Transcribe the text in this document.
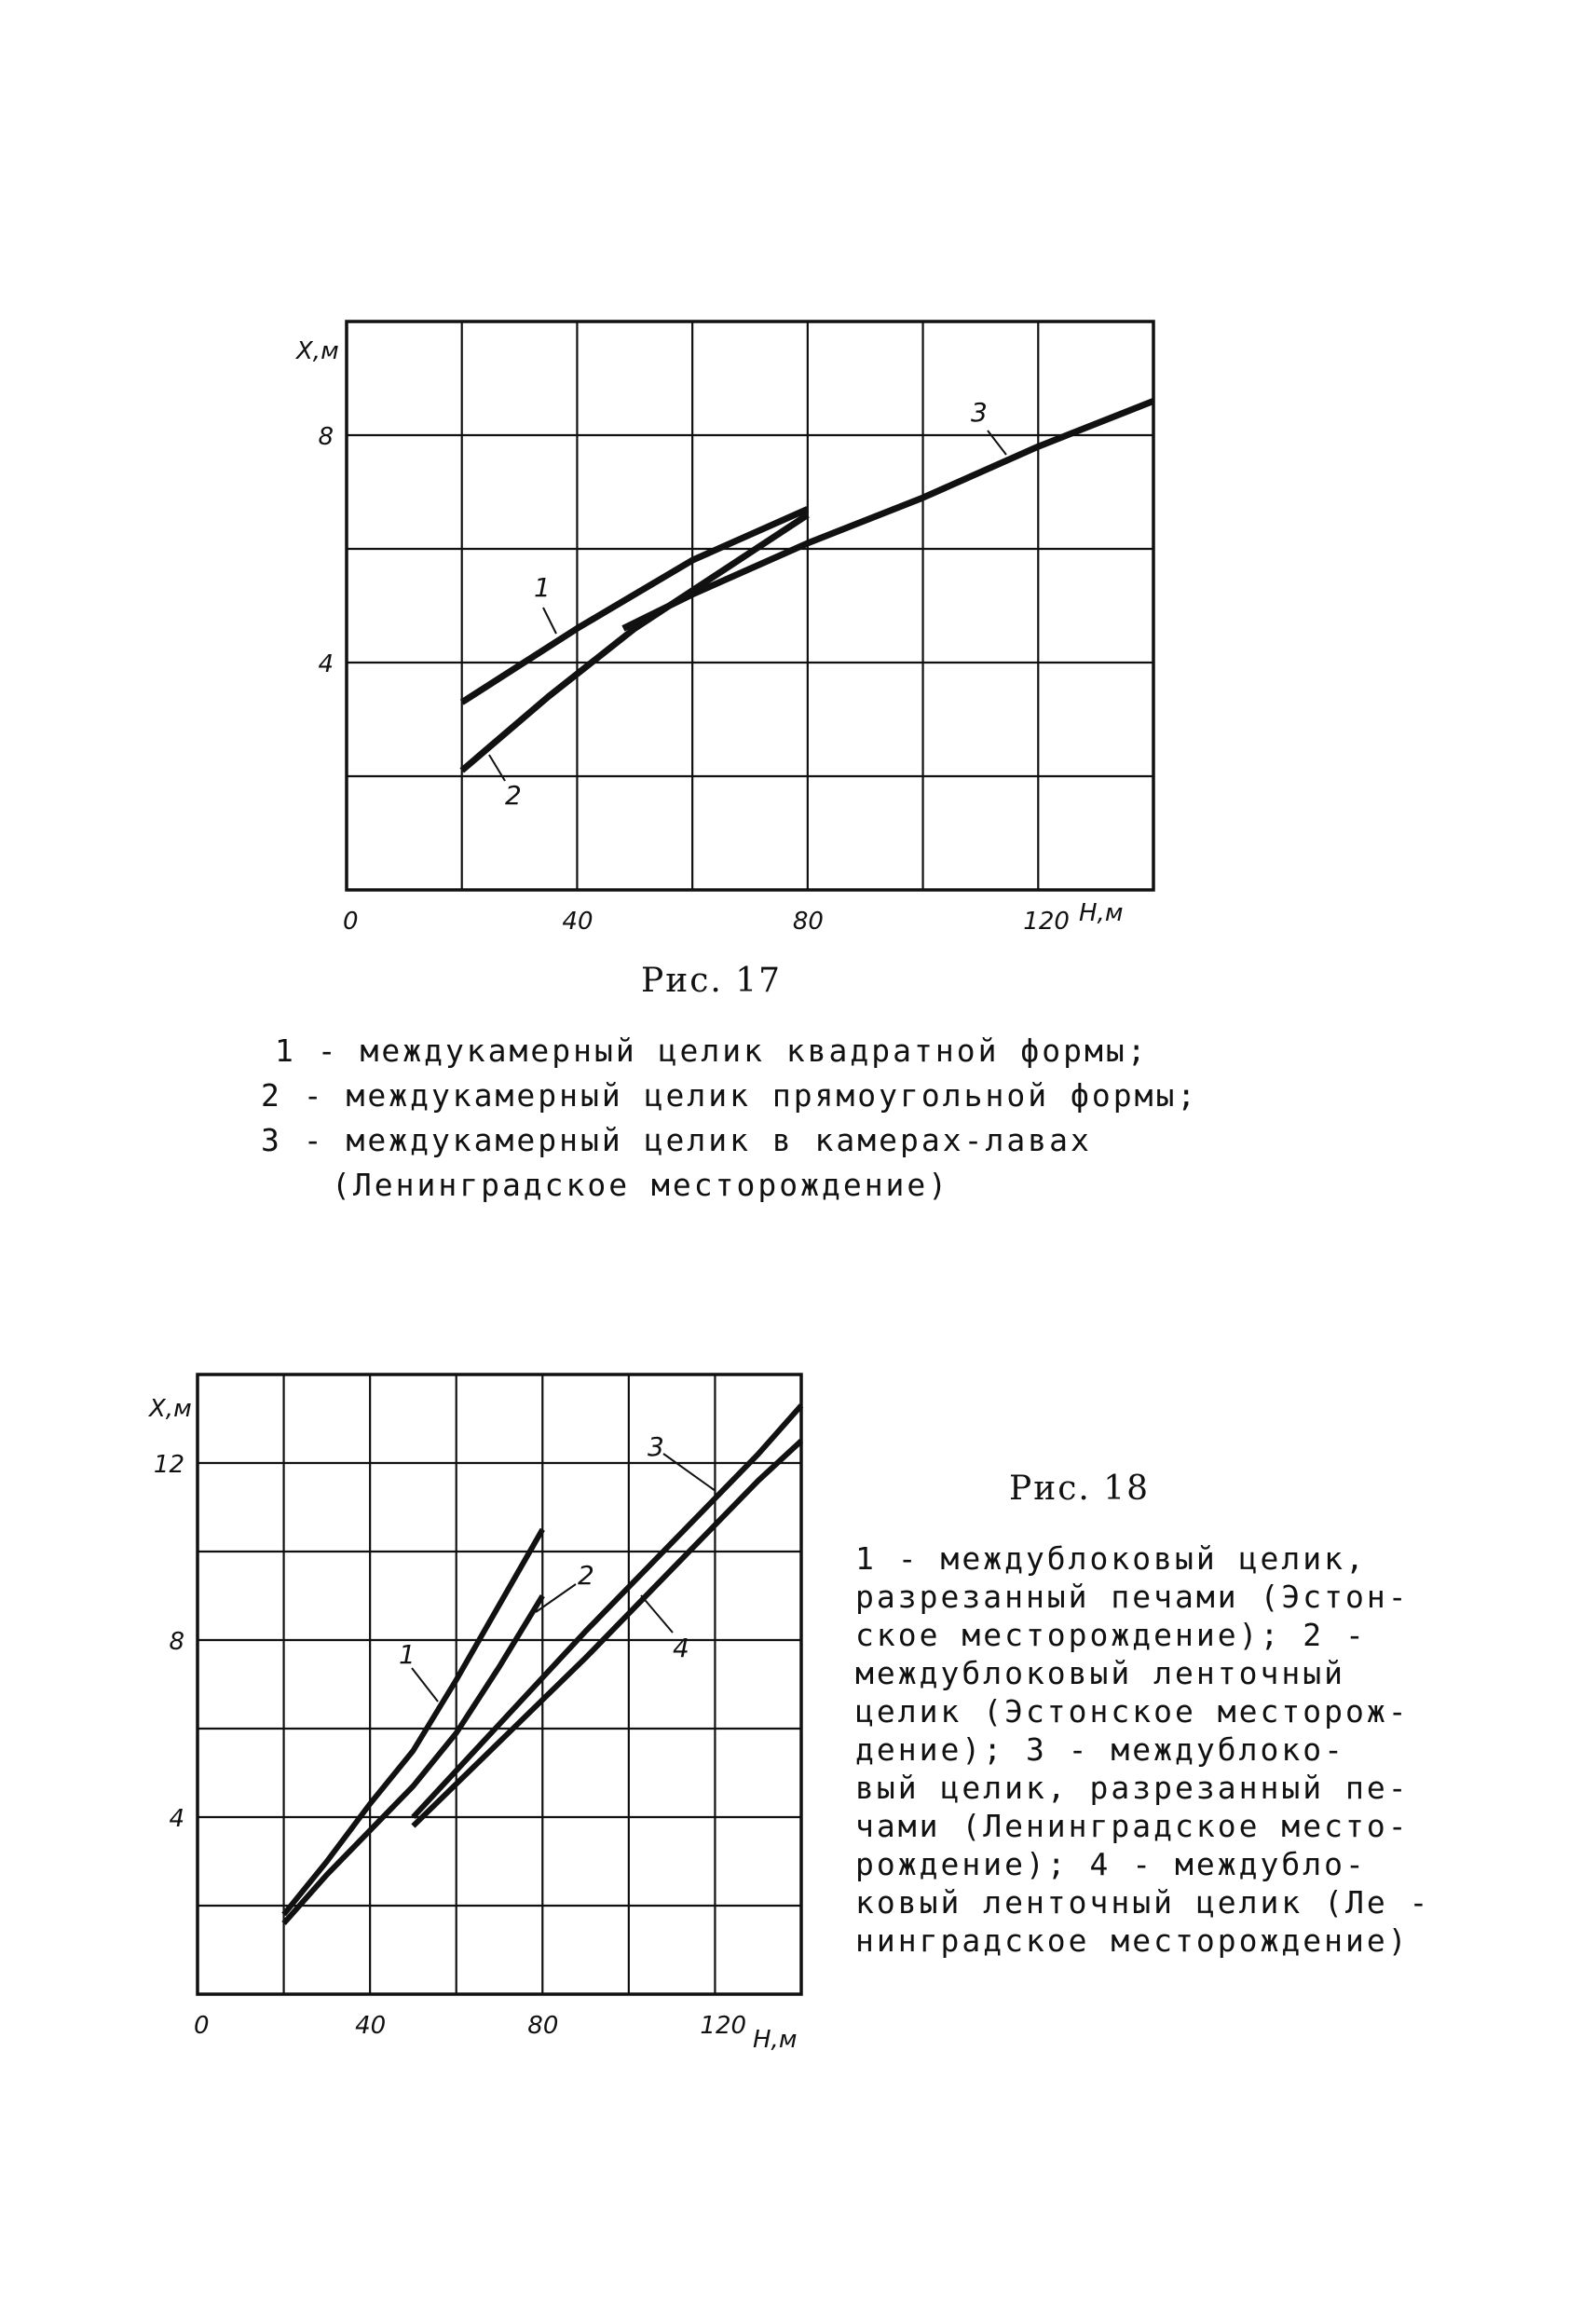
0	40	80	120
4
8
X,м
H,м
1
2
3
Рис. 17
1 - междукамерный целик квадратной формы;
2 - междукамерный целик прямоугольной формы;
3 - междукамерный целик в камерах-лавах
(Ленинградское месторождение)
0	40	80	120
4
8
12
X,м
H,м
1
2
3
4
Рис. 18

1 - междублоковый целик,

разрезанный печами (Эстон-

ское месторождение); 2 -

междублоковый ленточный

целик (Эстонское месторож-

дение); 3 - междублоко-

вый целик, разрезанный пе-

чами (Ленинградское место-

рождение); 4 - междубло-

ковый ленточный целик (Ле -

нинградское месторождение)
